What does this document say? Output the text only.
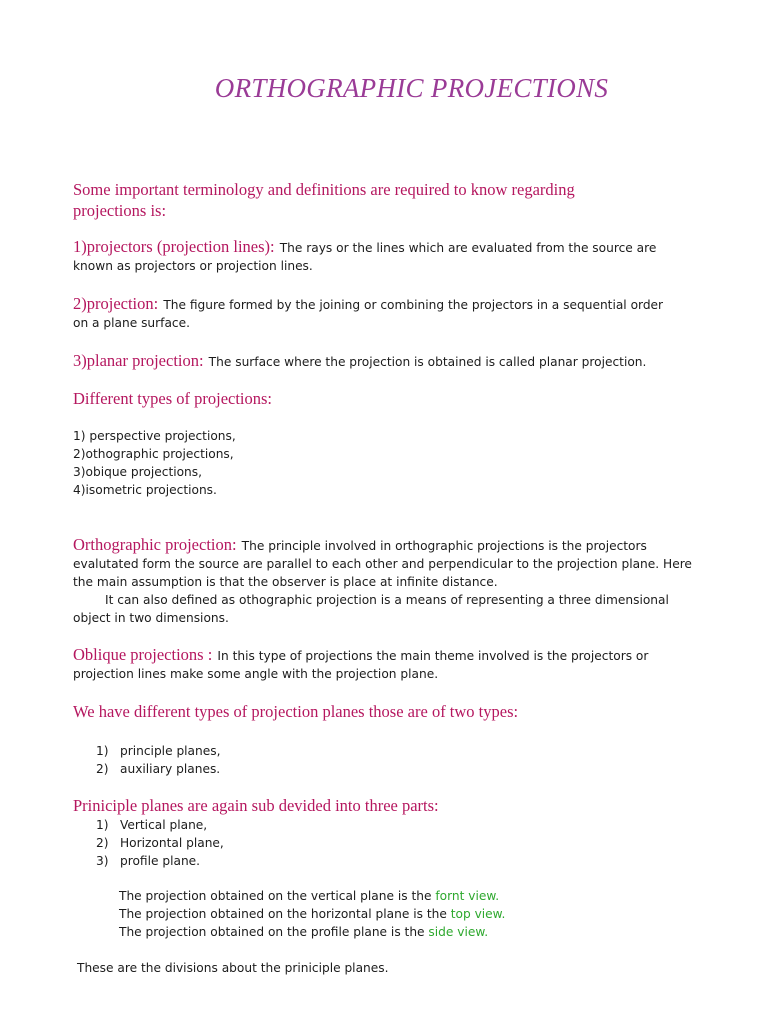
ORTHOGRAPHIC PROJECTIONS
Some important terminology and definitions are required to know regarding
projections is:
1)projectors (projection lines): The rays or the lines which are evaluated from the source are
known as projectors or projection lines.
2)projection: The figure formed by the joining or combining the projectors in a sequential order
on a plane surface.
3)planar projection: The surface where the projection is obtained is called planar projection.
Different types of projections:
1) perspective projections,
2)othographic projections,
3)obique projections,
4)isometric projections.
Orthographic projection: The principle involved in orthographic projections is the projectors
evalutated form the source are parallel to each other and perpendicular to the projection plane. Here
the main assumption is that the observer is place at infinite distance.
It can also defined as othographic projection is a means of representing a three dimensional
object in two dimensions.
Oblique projections : In this type of projections the main theme involved is the projectors or
projection lines make some angle with the projection plane.
We have different types of projection planes those are of two types:
1) principle planes,
2) auxiliary planes.
Priniciple planes are again sub devided into three parts:
1) Vertical plane,
2) Horizontal plane,
3) profile plane.
The projection obtained on the vertical plane is the fornt view.
The projection obtained on the horizontal plane is the top view.
The projection obtained on the profile plane is the side view.
These are the divisions about the priniciple planes.
